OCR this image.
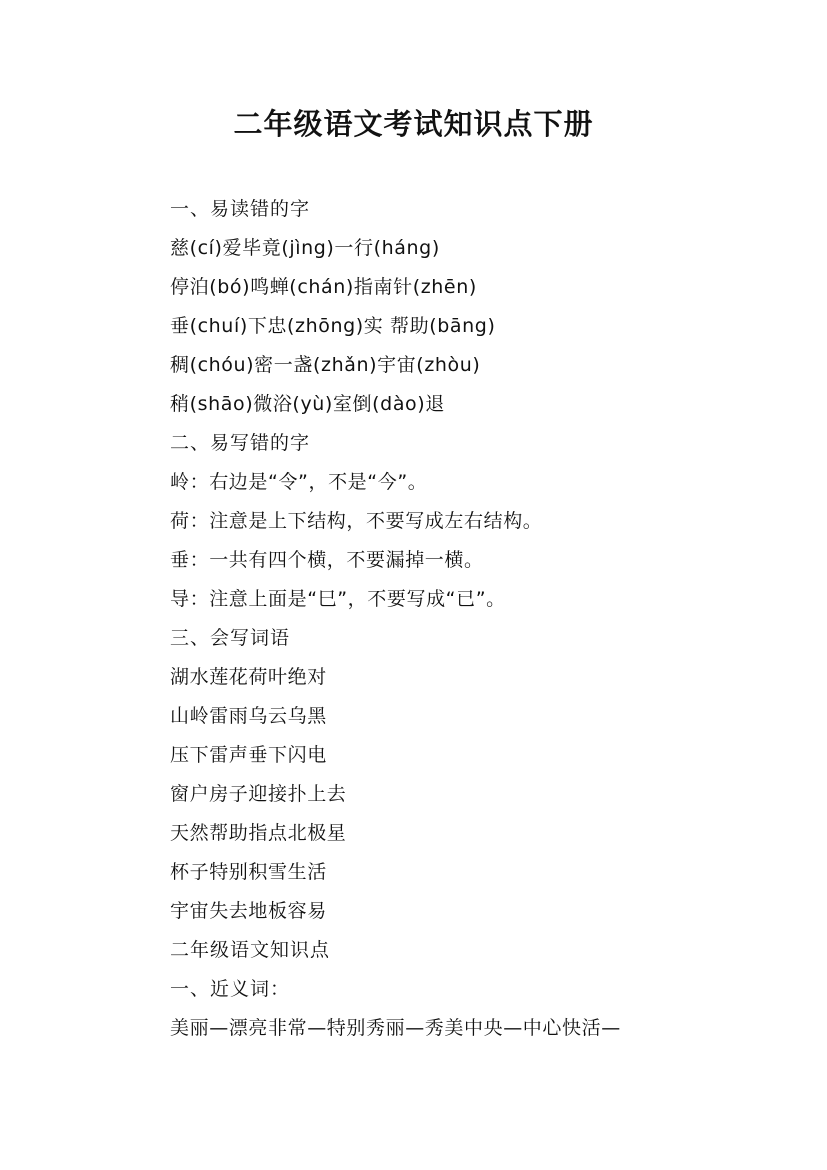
二年级语文考试知识点下册
一、易读错的字
慈(cí)爱毕竟(jìng)一行(háng)
停泊(bó)鸣蝉(chán)指南针(zhēn)
垂(chuí)下忠(zhōng)实 帮助(bāng)
稠(chóu)密一盏(zhǎn)宇宙(zhòu)
稍(shāo)微浴(yù)室倒(dào)退
二、易写错的字
岭：右边是“令”，不是“今”。
荷：注意是上下结构，不要写成左右结构。
垂：一共有四个横，不要漏掉一横。
导：注意上面是“巳”，不要写成“已”。
三、会写词语
湖水莲花荷叶绝对
山岭雷雨乌云乌黑
压下雷声垂下闪电
窗户房子迎接扑上去
天然帮助指点北极星
杯子特别积雪生活
宇宙失去地板容易
二年级语文知识点
一、近义词：
美丽—漂亮非常—特别秀丽—秀美中央—中心快活—
